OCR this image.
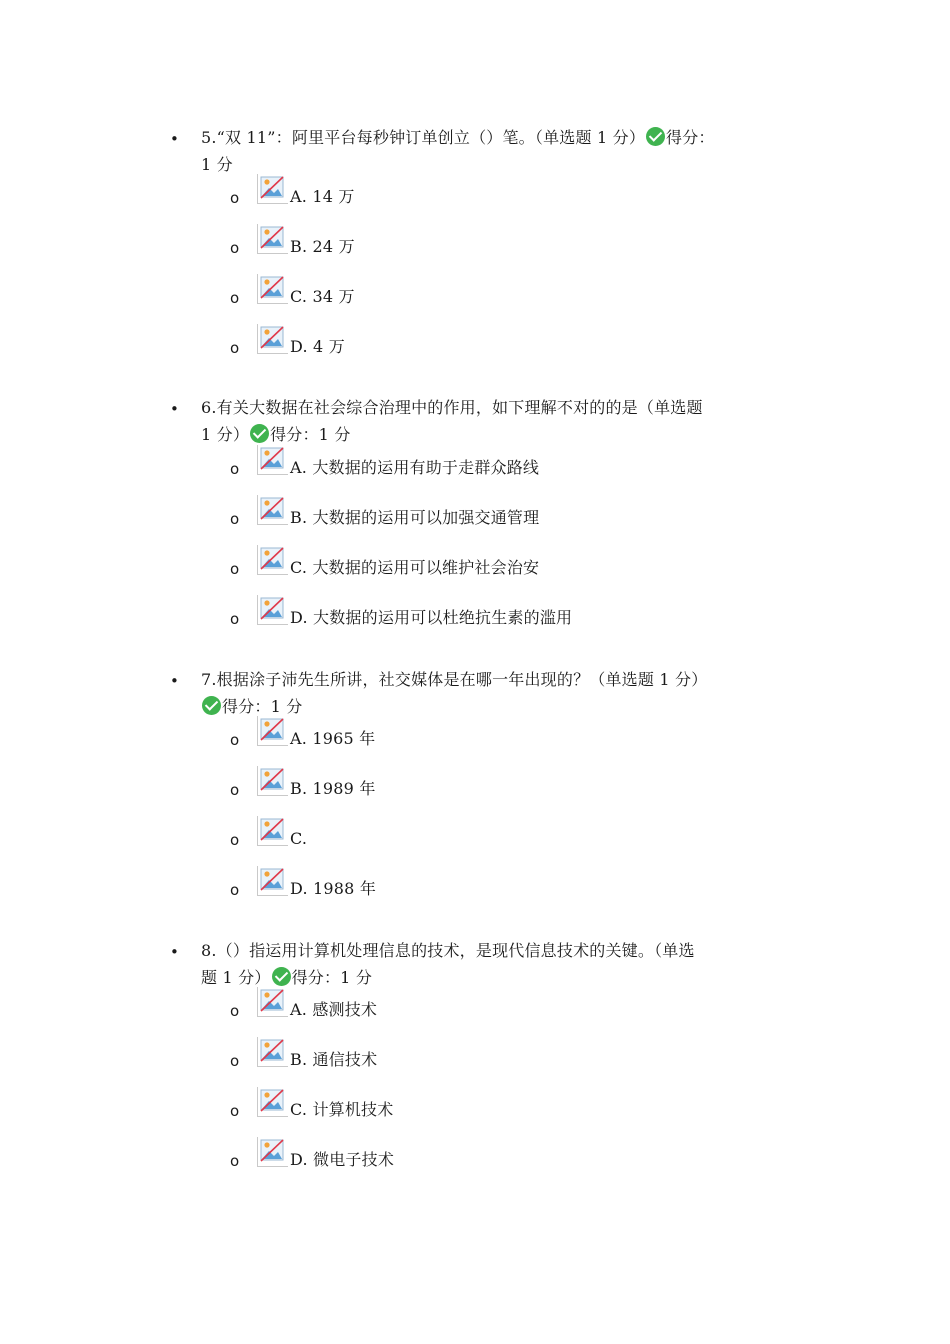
• 5.“双 11”：阿里平台每秒钟订单创立（）笔。（单选题 1 分） 得分：
1 分
o	A. 14 万
o	B. 24 万
o	C. 34 万
o	D. 4 万
• 6.有关大数据在社会综合治理中的作用，如下理解不对的的是（单选题
1 分） 得分：1 分
o	A. 大数据的运用有助于走群众路线
o	B. 大数据的运用可以加强交通管理
o	C. 大数据的运用可以维护社会治安
o	D. 大数据的运用可以杜绝抗生素的滥用
• 7.根据涂子沛先生所讲，社交媒体是在哪一年出现的？（单选题 1 分）
得分：1 分
o	A. 1965 年
o	B. 1989 年
o	C.
o	D. 1988 年
• 8.（）指运用计算机处理信息的技术，是现代信息技术的关键。（单选
题 1 分） 得分：1 分
o	A. 感测技术
o	B. 通信技术
o	C. 计算机技术
o	D. 微电子技术
